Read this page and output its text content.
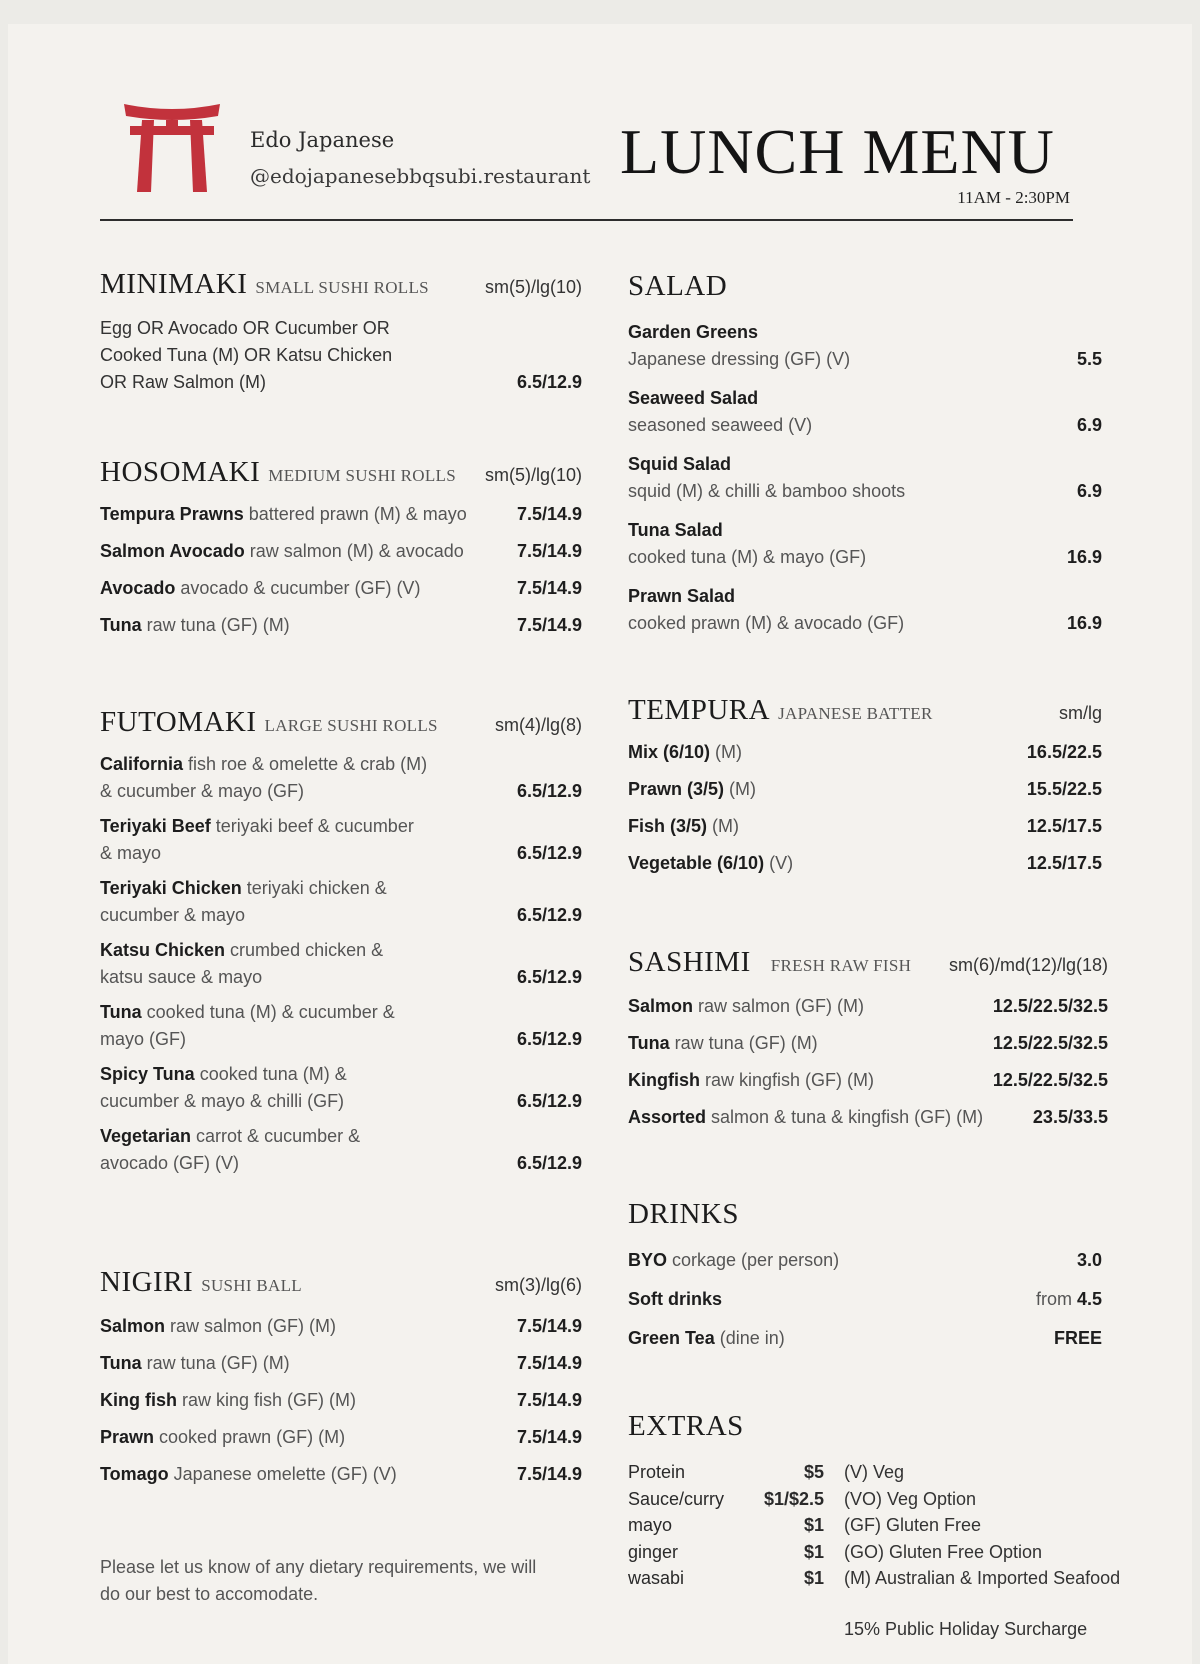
Edo Japanese
@edojapanesebbqsubi.restaurant LUNCH MENU
11AM - 2:30PM
MINIMAKI SMALL SUSHI ROLLS	sm(5)/lg(10)
Egg OR Avocado OR Cucumber OR Cooked Tuna (M) OR Katsu Chicken OR Raw Salmon (M)	6.5/12.9
HOSOMAKI MEDIUM SUSHI ROLLS sm(5)/lg(10)
Tempura Prawns battered prawn (M) & mayo	7.5/14.9
Salmon Avocado raw salmon (M) & avocado	7.5/14.9
Avocado avocado & cucumber (GF) (V)	7.5/14.9
Tuna raw tuna (GF) (M)	7.5/14.9
FUTOMAKI LARGE SUSHI ROLLS	sm(4)/lg(8)
California fish roe & omelette & crab (M) & cucumber & mayo (GF)	6.5/12.9
Teriyaki Beef teriyaki beef & cucumber & mayo	6.5/12.9
Teriyaki Chicken teriyaki chicken & cucumber & mayo	6.5/12.9
Katsu Chicken crumbed chicken & katsu sauce & mayo	6.5/12.9
Tuna cooked tuna (M) & cucumber & mayo (GF)	6.5/12.9
Spicy Tuna cooked tuna (M) & cucumber & mayo & chilli (GF)	6.5/12.9
Vegetarian carrot & cucumber & avocado (GF) (V)	6.5/12.9
NIGIRI SUSHI BALL	sm(3)/lg(6)
Salmon raw salmon (GF) (M)	7.5/14.9
Tuna raw tuna (GF) (M)	7.5/14.9
King fish raw king fish (GF) (M)	7.5/14.9
Prawn cooked prawn (GF) (M)	7.5/14.9
Tomago Japanese omelette (GF) (V)	7.5/14.9
Please let us know of any dietary requirements, we will do our best to accomodate.
SALAD
Garden Greens
Japanese dressing (GF) (V)	5.5
Seaweed Salad
seasoned seaweed (V)	6.9
Squid Salad
squid (M) & chilli & bamboo shoots	6.9
Tuna Salad
cooked tuna (M) & mayo (GF)	16.9
Prawn Salad
cooked prawn (M) & avocado (GF)	16.9
TEMPURA JAPANESE BATTER	sm/lg
Mix (6/10) (M)	16.5/22.5
Prawn (3/5) (M)	15.5/22.5
Fish (3/5) (M)	12.5/17.5
Vegetable (6/10) (V)	12.5/17.5
SASHIMI FRESH RAW FISH sm(6)/md(12)/lg(18)
Salmon raw salmon (GF) (M)	12.5/22.5/32.5
Tuna raw tuna (GF) (M)	12.5/22.5/32.5
Kingfish raw kingfish (GF) (M)	12.5/22.5/32.5
Assorted salmon & tuna & kingfish (GF) (M)	23.5/33.5
DRINKS
BYO corkage (per person)	3.0
Soft drinks	from 4.5
Green Tea (dine in)	FREE
EXTRAS
Protein	$5
Sauce/curry $1/$2.5
mayo	$1
ginger	$1
wasabi	$1
(V) Veg
(VO) Veg Option
(GF) Gluten Free
(GO) Gluten Free Option
(M) Australian & Imported Seafood
15% Public Holiday Surcharge
